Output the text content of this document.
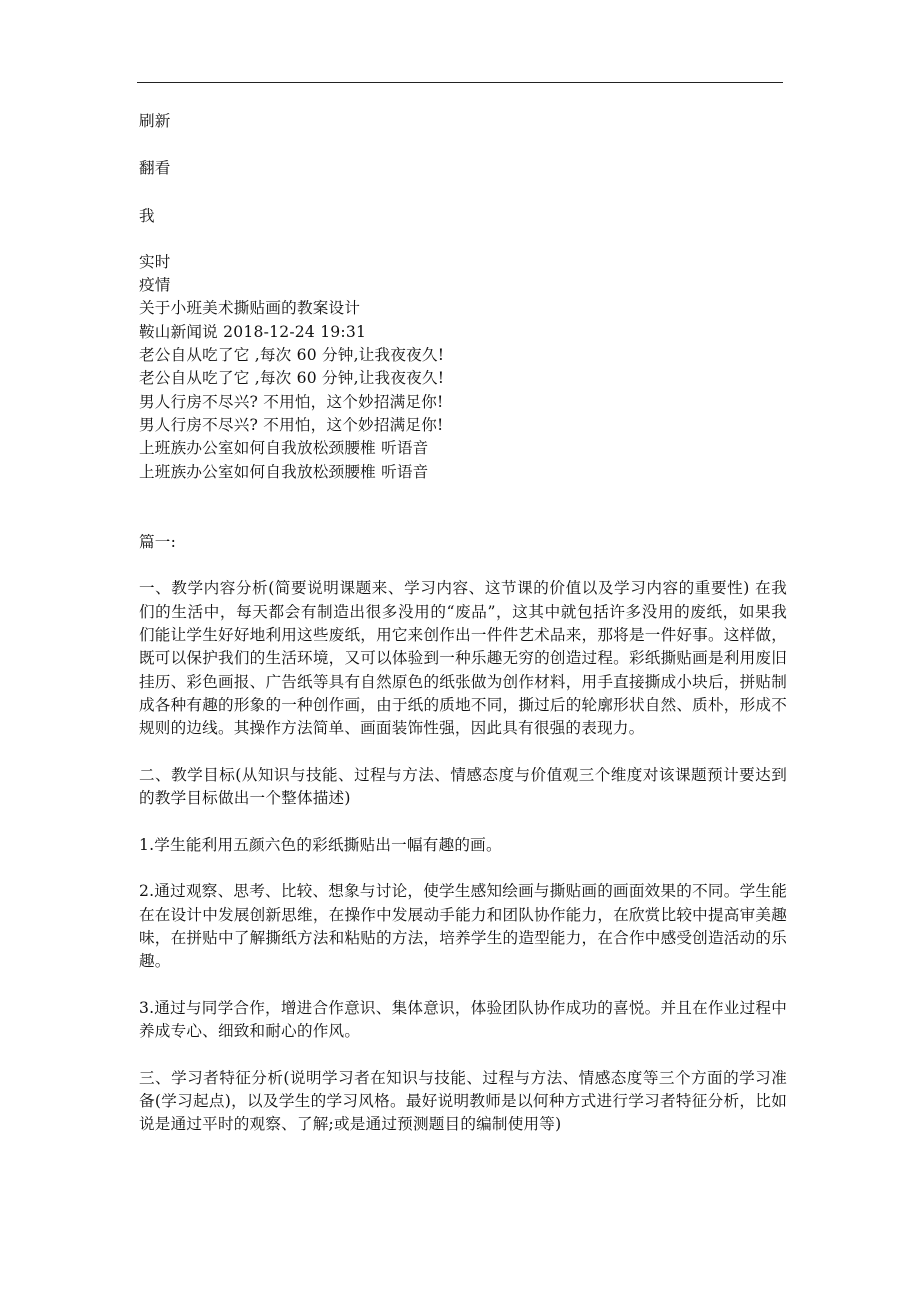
刷新
翻看
我
实时
疫情
关于小班美术撕贴画的教案设计
鞍山新闻说 2018-12-24 19:31
老公自从吃了它 ,每次 60 分钟,让我夜夜久!
老公自从吃了它 ,每次 60 分钟,让我夜夜久!
男人行房不尽兴? 不用怕，这个妙招满足你!
男人行房不尽兴? 不用怕，这个妙招满足你!
上班族办公室如何自我放松颈腰椎 听语音
上班族办公室如何自我放松颈腰椎 听语音

篇一:

一、教学内容分析(简要说明课题来、学习内容、这节课的价值以及学习内容的重要性) 在我们的生活中，每天都会有制造出很多没用的“废品”，这其中就包括许多没用的废纸，如果我们能让学生好好地利用这些废纸，用它来创作出一件件艺术品来，那将是一件好事。这样做，既可以保护我们的生活环境，又可以体验到一种乐趣无穷的创造过程。彩纸撕贴画是利用废旧挂历、彩色画报、广告纸等具有自然原色的纸张做为创作材料，用手直接撕成小块后，拼贴制成各种有趣的形象的一种创作画，由于纸的质地不同，撕过后的轮廓形状自然、质朴，形成不规则的边线。其操作方法简单、画面装饰性强，因此具有很强的表现力。

二、教学目标(从知识与技能、过程与方法、情感态度与价值观三个维度对该课题预计要达到的教学目标做出一个整体描述)

1.学生能利用五颜六色的彩纸撕贴出一幅有趣的画。

2.通过观察、思考、比较、想象与讨论，使学生感知绘画与撕贴画的画面效果的不同。学生能在在设计中发展创新思维，在操作中发展动手能力和团队协作能力，在欣赏比较中提高审美趣味，在拼贴中了解撕纸方法和粘贴的方法，培养学生的造型能力，在合作中感受创造活动的乐趣。

3.通过与同学合作，增进合作意识、集体意识，体验团队协作成功的喜悦。并且在作业过程中养成专心、细致和耐心的作风。

三、学习者特征分析(说明学习者在知识与技能、过程与方法、情感态度等三个方面的学习准备(学习起点)，以及学生的学习风格。最好说明教师是以何种方式进行学习者特征分析，比如说是通过平时的观察、了解;或是通过预测题目的编制使用等)
